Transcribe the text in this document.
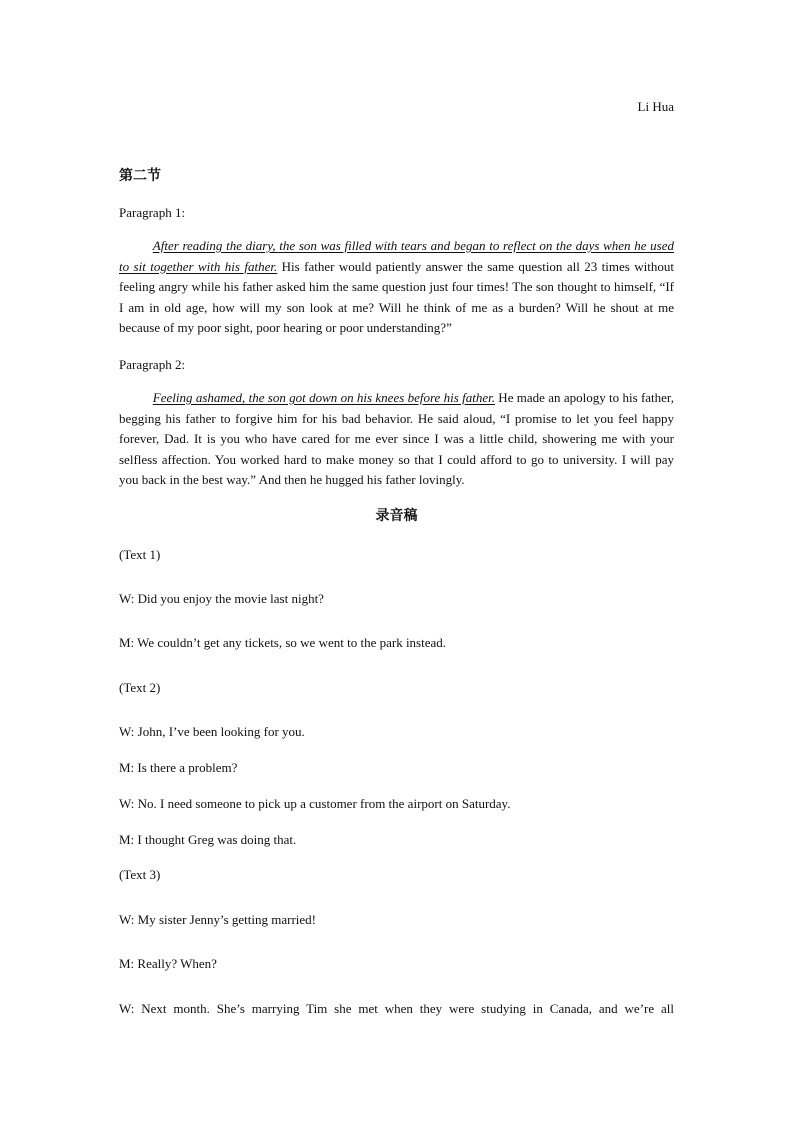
Li Hua
第二节
Paragraph 1:

After reading the diary, the son was filled with tears and began to reflect on the days when he used to sit together with his father. His father would patiently answer the same question all 23 times without feeling angry while his father asked him the same question just four times! The son thought to himself, “If I am in old age, how will my son look at me? Will he think of me as a burden? Will he shout at me because of my poor sight, poor hearing or poor understanding?”

Paragraph 2:

Feeling ashamed, the son got down on his knees before his father. He made an apology to his father, begging his father to forgive him for his bad behavior. He said aloud, “I promise to let you feel happy forever, Dad. It is you who have cared for me ever since I was a little child, showering me with your selfless affection. You worked hard to make money so that I could afford to go to university. I will pay you back in the best way.” And then he hugged his father lovingly.

录音稿
(Text 1)
W: Did you enjoy the movie last night?
M: We couldn’t get any tickets, so we went to the park instead.
(Text 2)
W: John, I’ve been looking for you.
M: Is there a problem?
W: No. I need someone to pick up a customer from the airport on Saturday.
M: I thought Greg was doing that.
(Text 3)
W: My sister Jenny’s getting married!
M: Really? When?
W: Next month. She’s marrying Tim she met when they were studying in Canada, and we’re all
